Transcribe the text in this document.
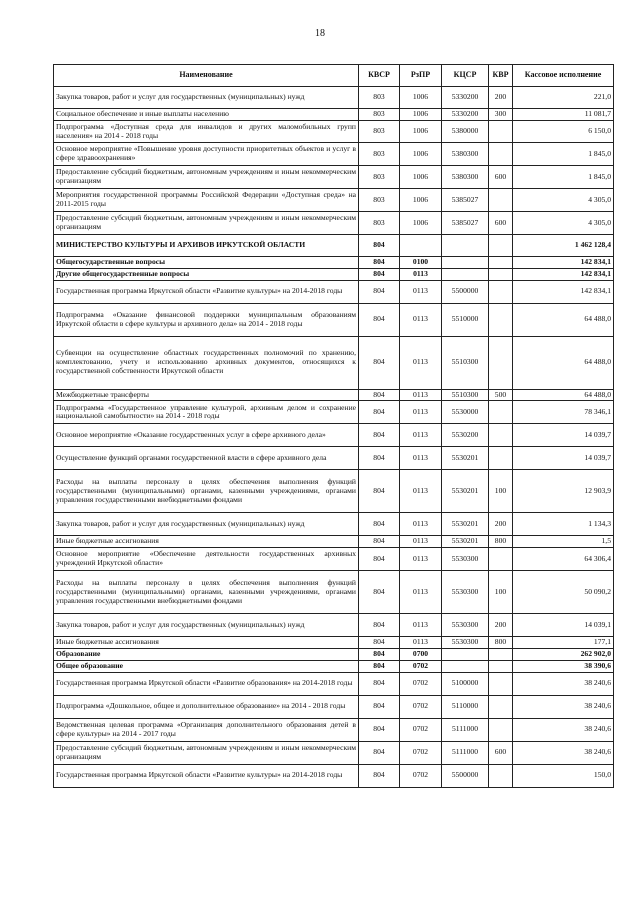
18
Наименование	КВСР	РзПР	КЦСР	КВР	Кассовое исполнение
Закупка товаров, работ и услуг для государственных (муниципальных) нужд	803	1006	5330200	200	221,0
Социальное обеспечение и иные выплаты населению	803	1006	5330200	300	11 081,7
Подпрограмма «Доступная среда для инвалидов и других маломобильных групп населения» на 2014 - 2018 годы	803	1006	5380000		6 150,0
Основное мероприятие «Повышение уровня доступности приоритетных объектов и услуг в сфере здравоохранения»	803	1006	5380300		1 845,0
Предоставление субсидий бюджетным, автономным учреждениям и иным некоммерческим организациям	803	1006	5380300	600	1 845,0
Мероприятия государственной программы Российской Федерации «Доступная среда» на 2011-2015 годы	803	1006	5385027		4 305,0
Предоставление субсидий бюджетным, автономным учреждениям и иным некоммерческим организациям	803	1006	5385027	600	4 305,0
МИНИСТЕРСТВО КУЛЬТУРЫ И АРХИВОВ ИРКУТСКОЙ ОБЛАСТИ	804				1 462 128,4
Общегосударственные вопросы	804	0100			142 834,1
Другие общегосударственные вопросы	804	0113			142 834,1
Государственная программа Иркутской области «Развитие культуры» на 2014-2018 годы	804	0113	5500000		142 834,1
Подпрограмма «Оказание финансовой поддержки муниципальным образованиям Иркутской области в сфере культуры и архивного дела» на 2014 - 2018 годы	804	0113	5510000		64 488,0
Субвенции на осуществление областных государственных полномочий по хранению, комплектованию, учету и использованию архивных документов, относящихся к государственной собственности Иркутской области	804	0113	5510300		64 488,0
Межбюджетные трансферты	804	0113	5510300	500	64 488,0
Подпрограмма «Государственное управление культурой, архивным делом и сохранение национальной самобытности» на 2014 - 2018 годы	804	0113	5530000		78 346,1
Основное мероприятие «Оказание государственных услуг в сфере архивного дела»	804	0113	5530200		14 039,7
Осуществление функций органами государственной власти в сфере архивного дела	804	0113	5530201		14 039,7
Расходы на выплаты персоналу в целях обеспечения выполнения функций государственными (муниципальными) органами, казенными учреждениями, органами управления государственными внебюджетными фондами	804	0113	5530201	100	12 903,9
Закупка товаров, работ и услуг для государственных (муниципальных) нужд	804	0113	5530201	200	1 134,3
Иные бюджетные ассигнования	804	0113	5530201	800	1,5
Основное мероприятие «Обеспечение деятельности государственных архивных учреждений Иркутской области»	804	0113	5530300		64 306,4
Расходы на выплаты персоналу в целях обеспечения выполнения функций государственными (муниципальными) органами, казенными учреждениями, органами управления государственными внебюджетными фондами	804	0113	5530300	100	50 090,2
Закупка товаров, работ и услуг для государственных (муниципальных) нужд	804	0113	5530300	200	14 039,1
Иные бюджетные ассигнования	804	0113	5530300	800	177,1
Образование	804	0700			262 902,0
Общее образование	804	0702			38 390,6
Государственная программа Иркутской области «Развитие образования» на 2014-2018 годы	804	0702	5100000		38 240,6
Подпрограмма «Дошкольное, общее и дополнительное образование» на 2014 - 2018 годы	804	0702	5110000		38 240,6
Ведомственная целевая программа «Организация дополнительного образования детей в сфере культуры» на 2014 - 2017 годы	804	0702	5111000		38 240,6
Предоставление субсидий бюджетным, автономным учреждениям и иным некоммерческим организациям	804	0702	5111000	600	38 240,6
Государственная программа Иркутской области «Развитие культуры» на 2014-2018 годы	804	0702	5500000		150,0
